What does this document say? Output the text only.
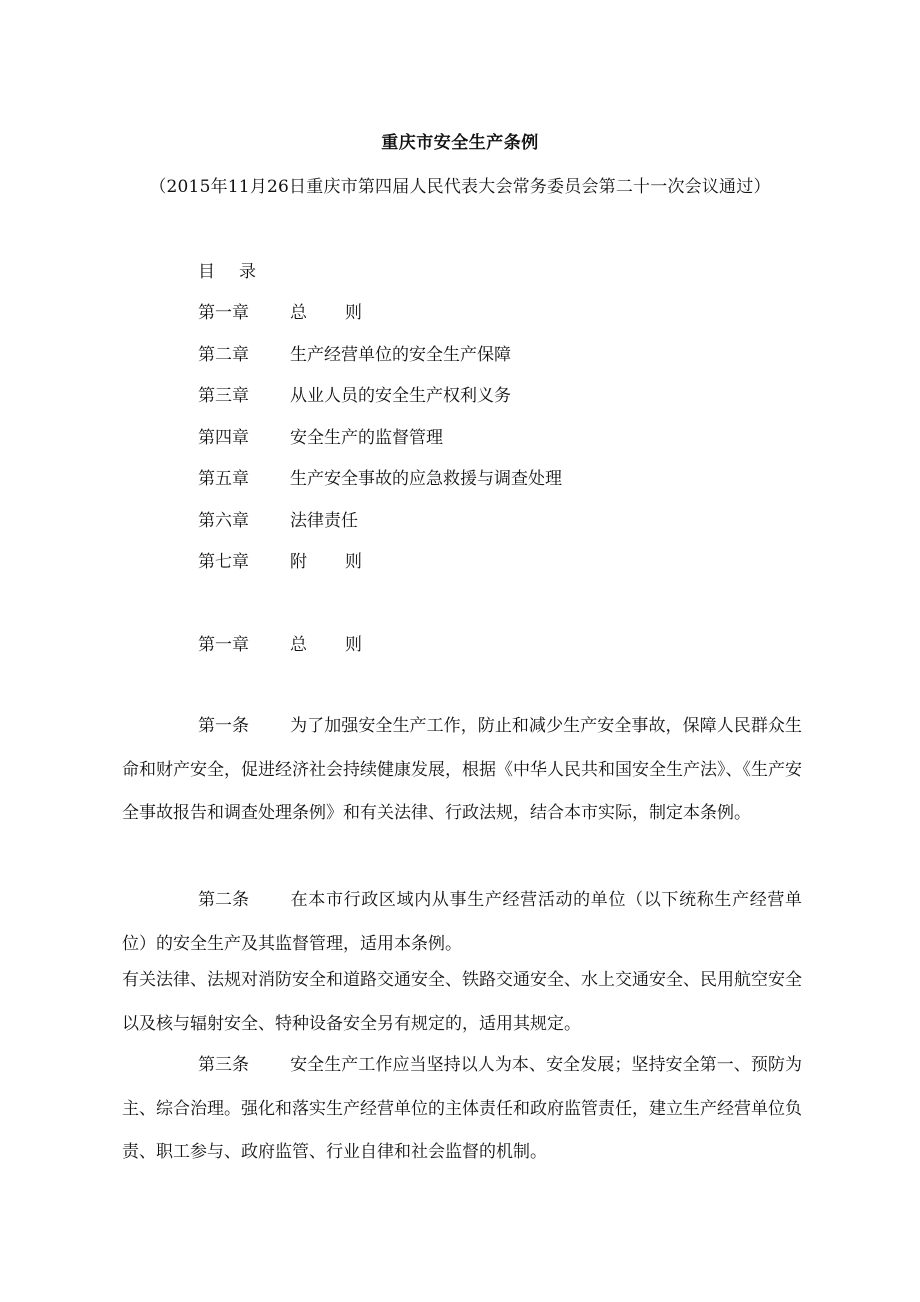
重庆市安全生产条例
（2015年11月26日重庆市第四届人民代表大会常务委员会第二十一次会议通过）
目录
第一章	总则
第二章	生产经营单位的安全生产保障
第三章	从业人员的安全生产权利义务
第四章	安全生产的监督管理
第五章	生产安全事故的应急救援与调查处理
第六章	法律责任
第七章	附则
第一章	总则

第一条 为了加强安全生产工作，防止和减少生产安全事故，保障人民群众生命和财产安全，促进经济社会持续健康发展，根据《中华人民共和国安全生产法》、《生产安全事故报告和调查处理条例》和有关法律、行政法规，结合本市实际，制定本条例。

第二条 在本市行政区域内从事生产经营活动的单位（以下统称生产经营单位）的安全生产及其监督管理，适用本条例。

有关法律、法规对消防安全和道路交通安全、铁路交通安全、水上交通安全、民用航空安全以及核与辐射安全、特种设备安全另有规定的，适用其规定。

第三条 安全生产工作应当坚持以人为本、安全发展；坚持安全第一、预防为主、综合治理。强化和落实生产经营单位的主体责任和政府监管责任，建立生产经营单位负责、职工参与、政府监管、行业自律和社会监督的机制。
